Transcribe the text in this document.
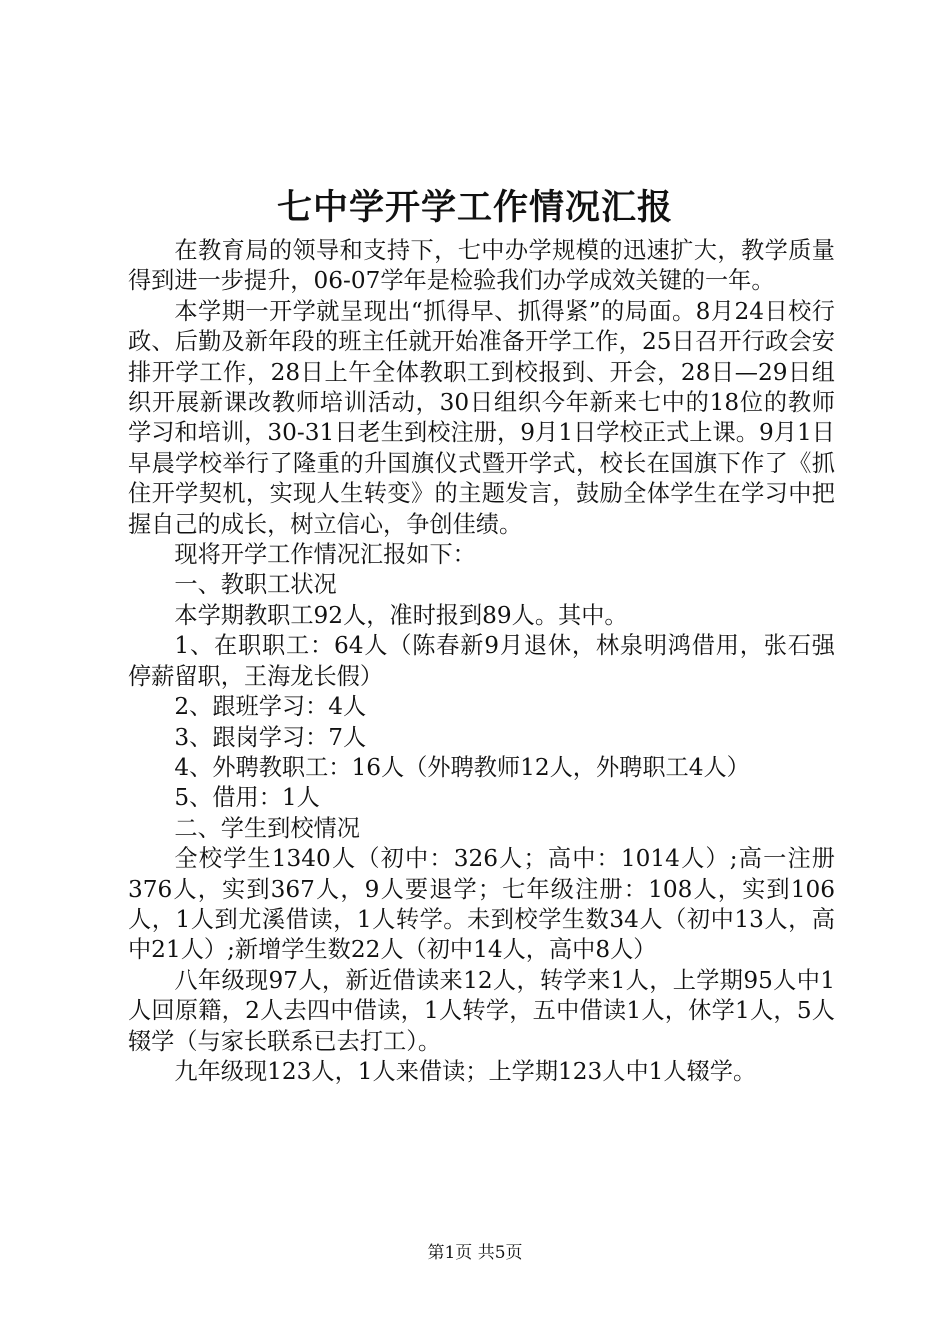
七中学开学工作情况汇报

在教育局的领导和支持下，七中办学规模的迅速扩大，教学质量得到进一步提升，06-07学年是检验我们办学成效关键的一年。

本学期一开学就呈现出“抓得早、抓得紧”的局面。8月24日校行政、后勤及新年段的班主任就开始准备开学工作，25日召开行政会安排开学工作，28日上午全体教职工到校报到、开会，28日—29日组织开展新课改教师培训活动，30日组织今年新来七中的18位的教师学习和培训，30-31日老生到校注册，9月1日学校正式上课。9月1日早晨学校举行了隆重的升国旗仪式暨开学式，校长在国旗下作了《抓住开学契机，实现人生转变》的主题发言，鼓励全体学生在学习中把握自己的成长，树立信心，争创佳绩。

现将开学工作情况汇报如下：

一、教职工状况

本学期教职工92人，准时报到89人。其中。

1、在职职工：64人（陈春新9月退休，林泉明鸿借用，张石强停薪留职，王海龙长假）

2、跟班学习：4人

3、跟岗学习：7人

4、外聘教职工：16人（外聘教师12人，外聘职工4人）

5、借用：1人

二、学生到校情况

全校学生1340人（初中：326人；高中：1014人）;高一注册376人，实到367人，9人要退学；七年级注册：108人，实到106人，1人到尤溪借读，1人转学。未到校学生数34人（初中13人，高中21人）;新增学生数22人（初中14人，高中8人）

八年级现97人，新近借读来12人，转学来1人，上学期95人中1人回原籍，2人去四中借读，1人转学，五中借读1人，休学1人，5人辍学（与家长联系已去打工）。

九年级现123人，1人来借读；上学期123人中1人辍学。

第1页 共5页
